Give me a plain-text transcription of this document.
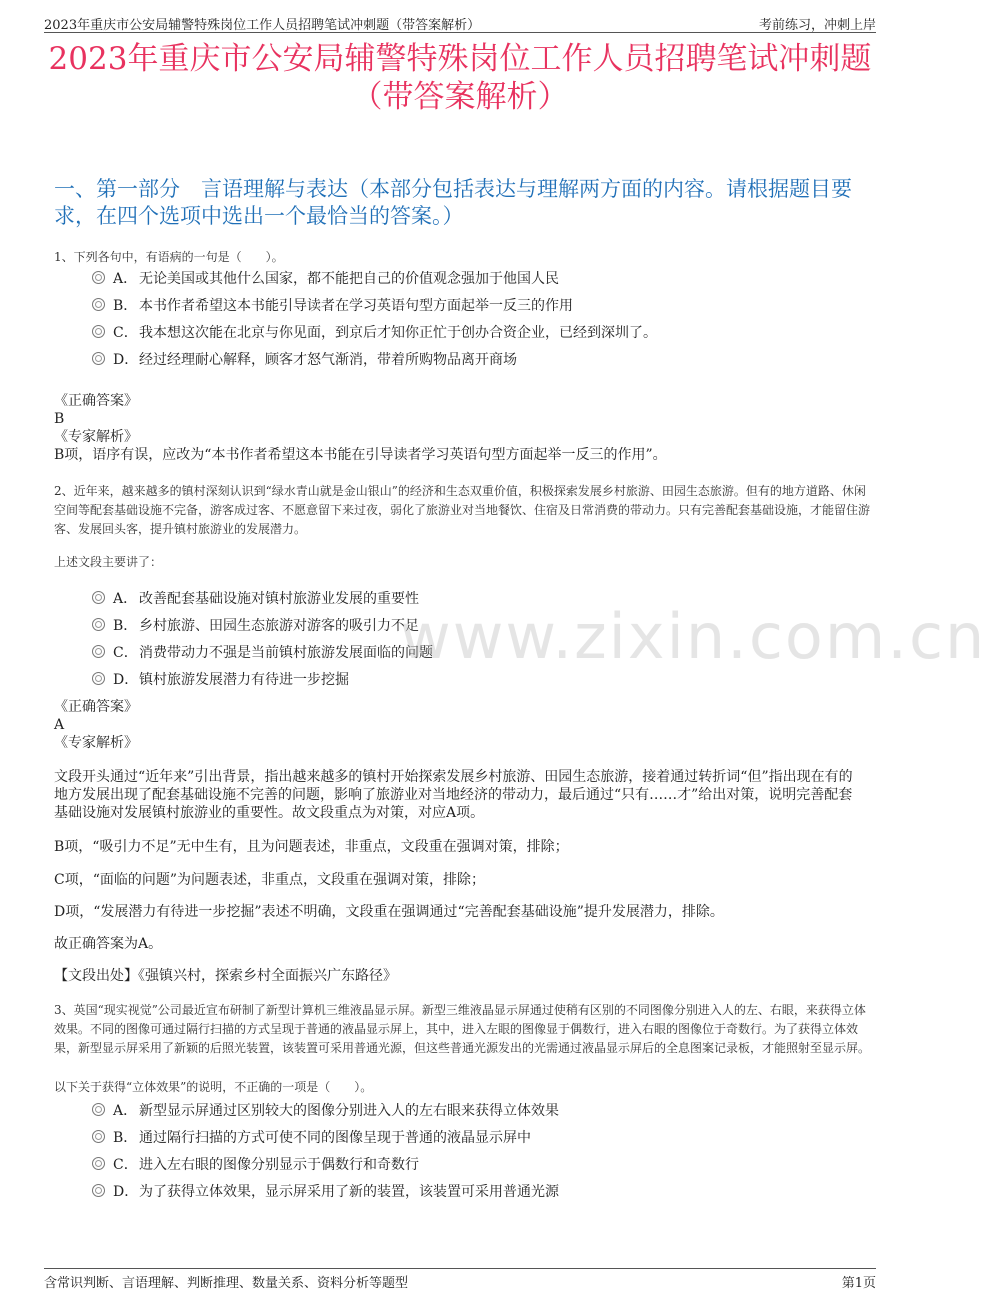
2023年重庆市公安局辅警特殊岗位工作人员招聘笔试冲刺题（带答案解析）	考前练习，冲刺上岸
2023年重庆市公安局辅警特殊岗位工作人员招聘笔试冲刺题
（带答案解析）
一、第一部分　言语理解与表达（本部分包括表达与理解两方面的内容。请根据题目要求，在四个选项中选出一个最恰当的答案。）
1、下列各句中，有语病的一句是（　　）。
A． 无论美国或其他什么国家，都不能把自己的价值观念强加于他国人民
B． 本书作者希望这本书能引导读者在学习英语句型方面起举一反三的作用
C． 我本想这次能在北京与你见面，到京后才知你正忙于创办合资企业，已经到深圳了。
D． 经过经理耐心解释，顾客才怒气渐消，带着所购物品离开商场
《正确答案》
B
《专家解析》
B项，语序有误，应改为“本书作者希望这本书能在引导读者学习英语句型方面起举一反三的作用”。
2、近年来，越来越多的镇村深刻认识到“绿水青山就是金山银山”的经济和生态双重价值，积极探索发展乡村旅游、田园生态旅游。但有的地方道路、休闲空间等配套基础设施不完备，游客成过客、不愿意留下来过夜，弱化了旅游业对当地餐饮、住宿及日常消费的带动力。只有完善配套基础设施，才能留住游客、发展回头客，提升镇村旅游业的发展潜力。
上述文段主要讲了：
A． 改善配套基础设施对镇村旅游业发展的重要性
B． 乡村旅游、田园生态旅游对游客的吸引力不足
C． 消费带动力不强是当前镇村旅游发展面临的问题
D． 镇村旅游发展潜力有待进一步挖掘
《正确答案》
A
《专家解析》
文段开头通过“近年来”引出背景，指出越来越多的镇村开始探索发展乡村旅游、田园生态旅游，接着通过转折词“但”指出现在有的地方发展出现了配套基础设施不完善的问题，影响了旅游业对当地经济的带动力，最后通过“只有……才”给出对策，说明完善配套基础设施对发展镇村旅游业的重要性。故文段重点为对策，对应A项。
B项，“吸引力不足”无中生有，且为问题表述，非重点，文段重在强调对策，排除；
C项，“面临的问题”为问题表述，非重点，文段重在强调对策，排除；
D项，“发展潜力有待进一步挖掘”表述不明确，文段重在强调通过“完善配套基础设施”提升发展潜力，排除。
故正确答案为A。
【文段出处】《强镇兴村，探索乡村全面振兴广东路径》
3、英国“现实视觉”公司最近宣布研制了新型计算机三维液晶显示屏。新型三维液晶显示屏通过使稍有区别的不同图像分别进入人的左、右眼，来获得立体效果。不同的图像可通过隔行扫描的方式呈现于普通的液晶显示屏上，其中，进入左眼的图像显于偶数行，进入右眼的图像位于奇数行。为了获得立体效果，新型显示屏采用了新颖的后照光装置，该装置可采用普通光源，但这些普通光源发出的光需通过液晶显示屏后的全息图案记录板，才能照射至显示屏。
以下关于获得“立体效果”的说明，不正确的一项是（　　）。
A． 新型显示屏通过区别较大的图像分别进入人的左右眼来获得立体效果
B． 通过隔行扫描的方式可使不同的图像呈现于普通的液晶显示屏中
C． 进入左右眼的图像分别显示于偶数行和奇数行
D． 为了获得立体效果，显示屏采用了新的装置，该装置可采用普通光源
www.zixin.com.cn
含常识判断、言语理解、判断推理、数量关系、资料分析等题型	第1页
